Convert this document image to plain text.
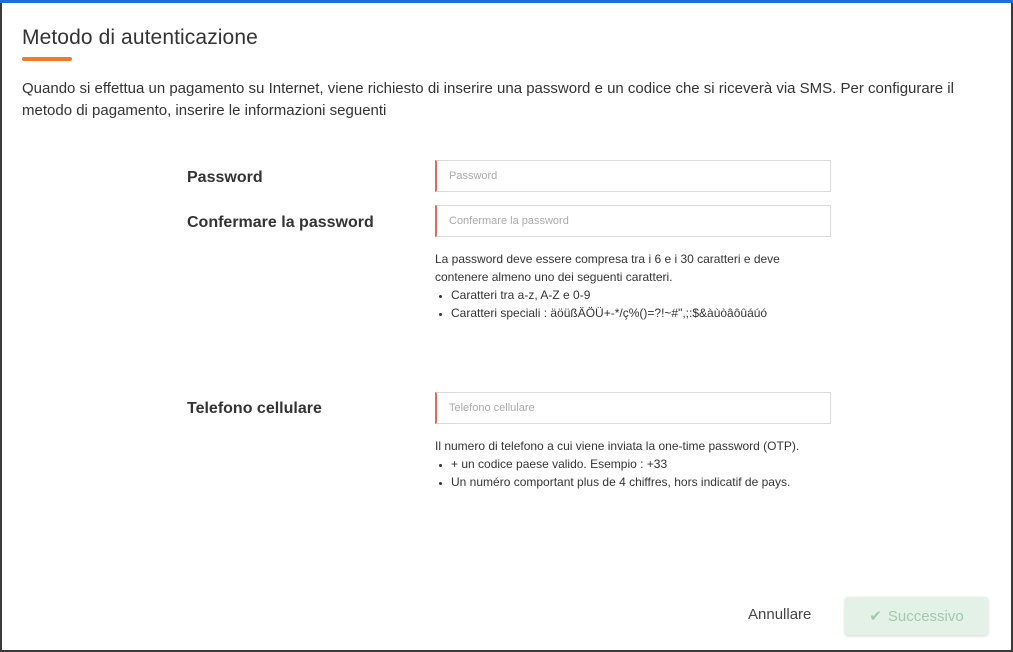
Metodo di autenticazione
Quando si effettua un pagamento su Internet, viene richiesto di inserire una password e un codice che si riceverà via SMS. Per configurare il metodo di pagamento, inserire le informazioni seguenti
Password
Confermare la password
La password deve essere compresa tra i 6 e i 30 caratteri e deve contenere almeno uno dei seguenti caratteri.
• Caratteri tra a-z, A-Z e 0-9
• Caratteri speciali : äöüßÄÖÜ+-*/ç%()=?!~#",;:$&àùòâôûáúó
Telefono cellulare
Telefono cellulare
Il numero di telefono a cui viene inviata la one-time password (OTP).
• + un codice paese valido. Esempio : +33
• Un numéro comportant plus de 4 chiffres, hors indicatif de pays.
Annullare	✔ Successivo
